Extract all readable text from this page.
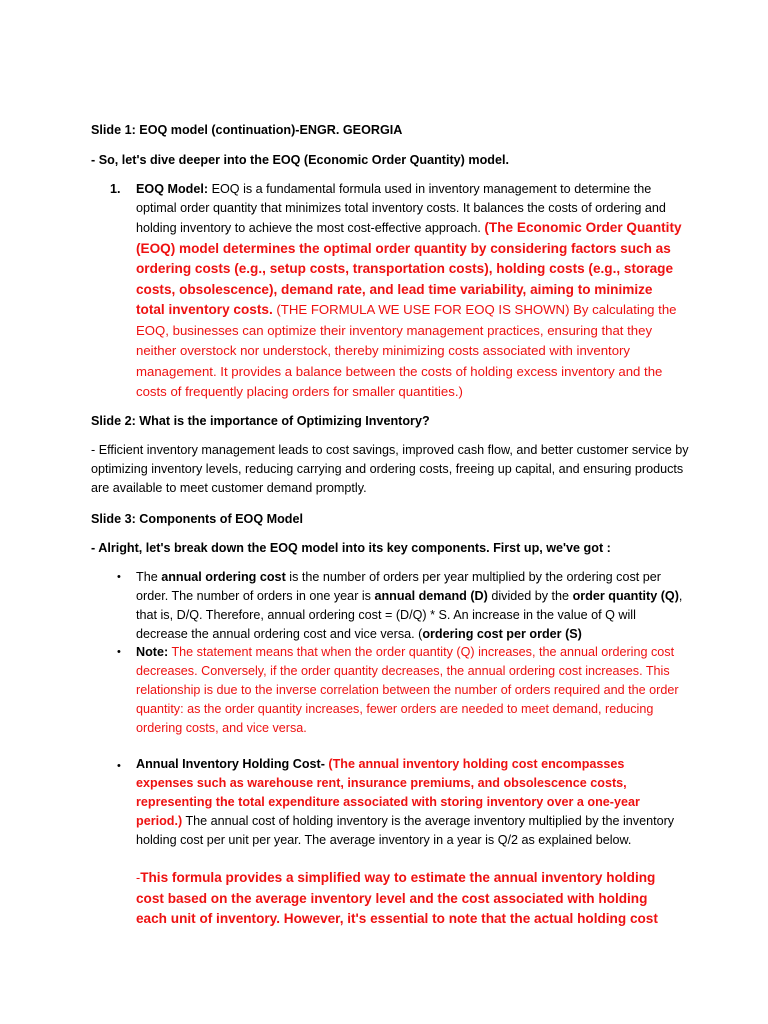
Slide 1: EOQ model (continuation)-ENGR. GEORGIA

- So, let's dive deeper into the EOQ (Economic Order Quantity) model.

1. EOQ Model: EOQ is a fundamental formula used in inventory management to determine the optimal order quantity that minimizes total inventory costs. It balances the costs of ordering and holding inventory to achieve the most cost-effective approach. (The Economic Order Quantity (EOQ) model determines the optimal order quantity by considering factors such as ordering costs (e.g., setup costs, transportation costs), holding costs (e.g., storage costs, obsolescence), demand rate, and lead time variability, aiming to minimize total inventory costs. (THE FORMULA WE USE FOR EOQ IS SHOWN) By calculating the EOQ, businesses can optimize their inventory management practices, ensuring that they neither overstock nor understock, thereby minimizing costs associated with inventory management. It provides a balance between the costs of holding excess inventory and the costs of frequently placing orders for smaller quantities.)

Slide 2: What is the importance of Optimizing Inventory?

- Efficient inventory management leads to cost savings, improved cash flow, and better customer service by optimizing inventory levels, reducing carrying and ordering costs, freeing up capital, and ensuring products are available to meet customer demand promptly.

Slide 3: Components of EOQ Model

- Alright, let's break down the EOQ model into its key components. First up, we've got :

• The annual ordering cost is the number of orders per year multiplied by the ordering cost per order. The number of orders in one year is annual demand (D) divided by the order quantity (Q), that is, D/Q. Therefore, annual ordering cost = (D/Q) * S. An increase in the value of Q will decrease the annual ordering cost and vice versa. (ordering cost per order (S)

• Note: The statement means that when the order quantity (Q) increases, the annual ordering cost decreases. Conversely, if the order quantity decreases, the annual ordering cost increases. This relationship is due to the inverse correlation between the number of orders required and the order quantity: as the order quantity increases, fewer orders are needed to meet demand, reducing ordering costs, and vice versa.

• Annual Inventory Holding Cost- (The annual inventory holding cost encompasses expenses such as warehouse rent, insurance premiums, and obsolescence costs, representing the total expenditure associated with storing inventory over a one-year period.) The annual cost of holding inventory is the average inventory multiplied by the inventory holding cost per unit per year. The average inventory in a year is Q/2 as explained below.

-This formula provides a simplified way to estimate the annual inventory holding cost based on the average inventory level and the cost associated with holding each unit of inventory. However, it's essential to note that the actual holding cost
